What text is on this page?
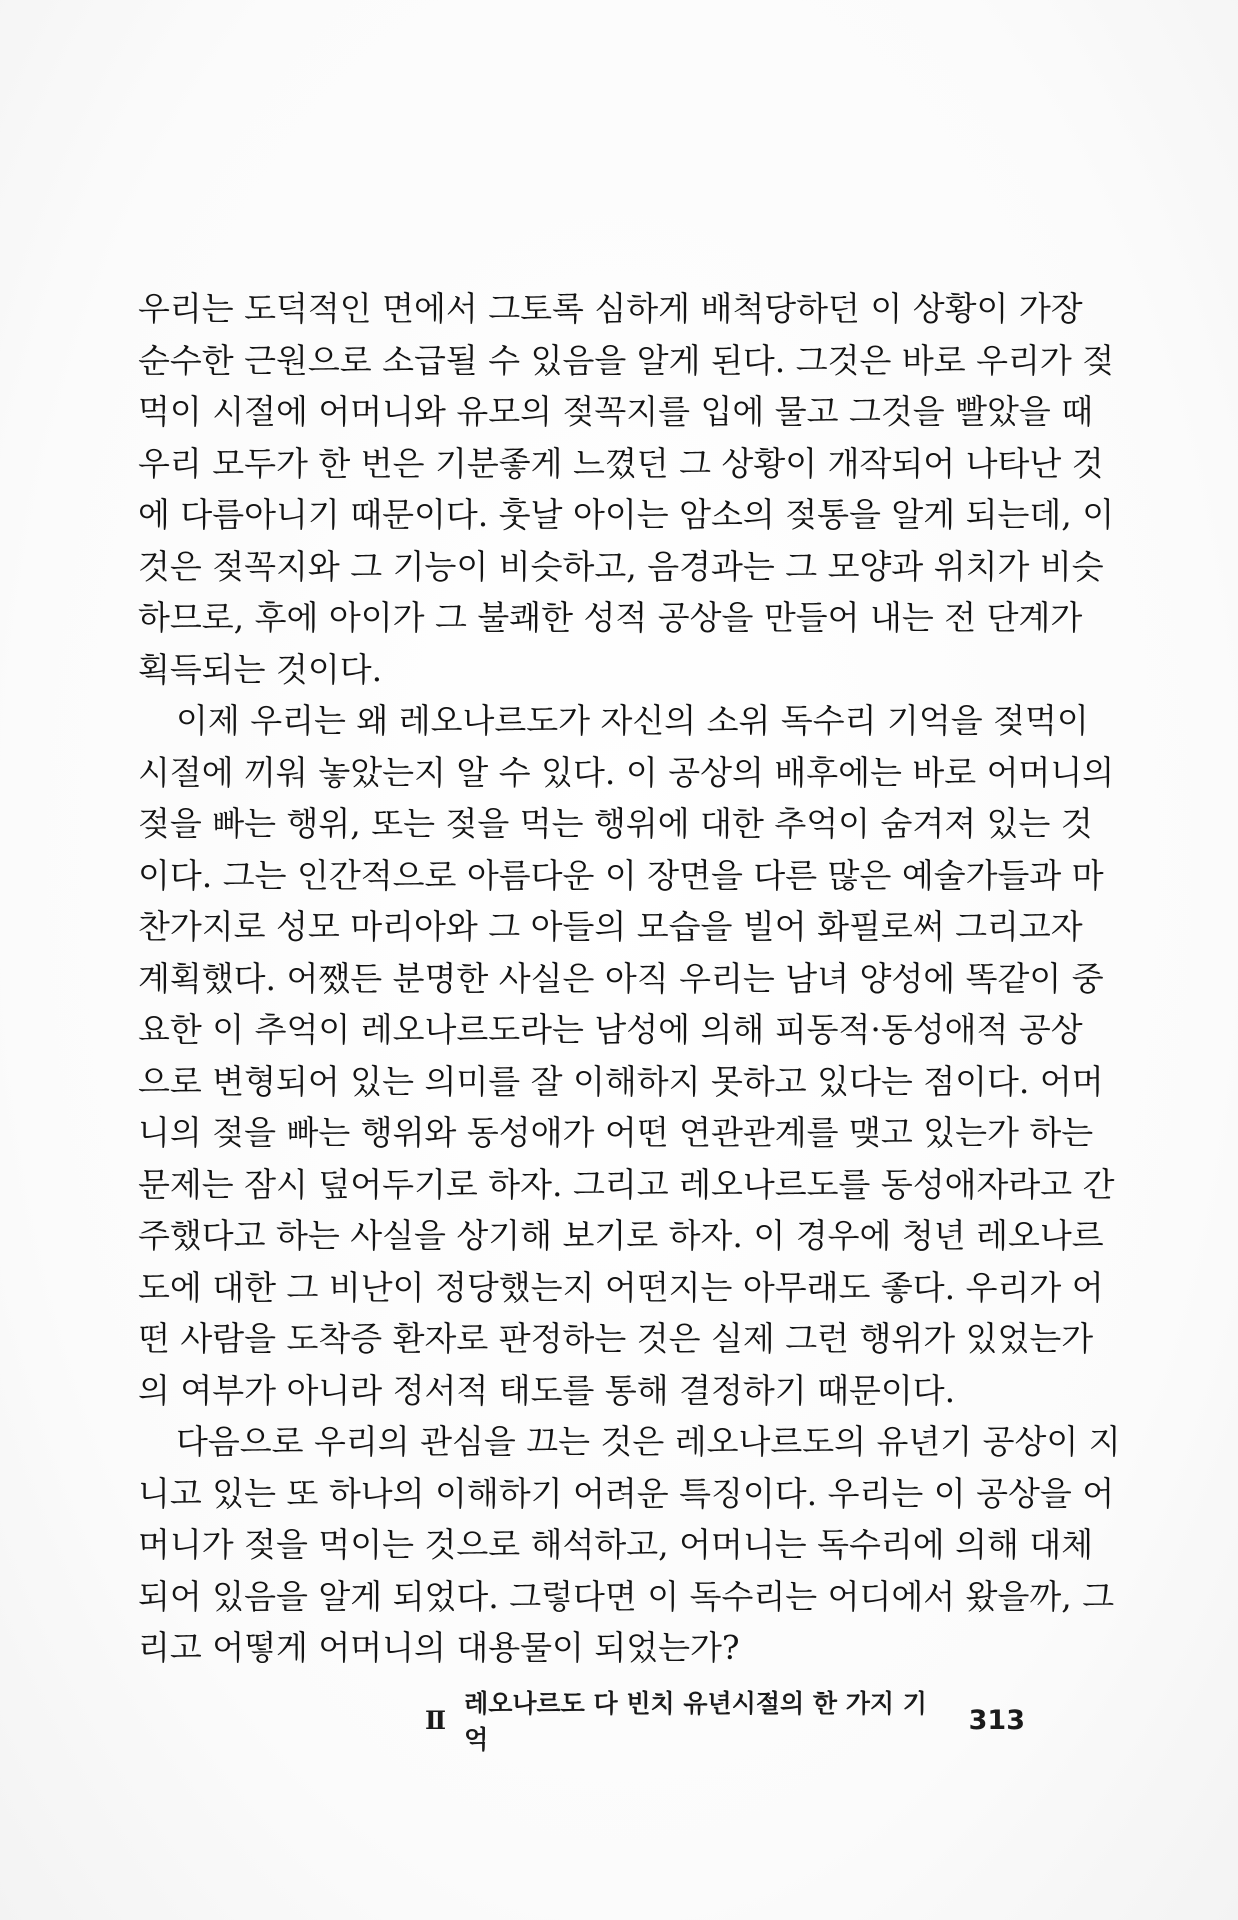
우리는 도덕적인 면에서 그토록 심하게 배척당하던 이 상황이 가장
순수한 근원으로 소급될 수 있음을 알게 된다. 그것은 바로 우리가 젖
먹이 시절에 어머니와 유모의 젖꼭지를 입에 물고 그것을 빨았을 때
우리 모두가 한 번은 기분좋게 느꼈던 그 상황이 개작되어 나타난 것
에 다름아니기 때문이다. 훗날 아이는 암소의 젖통을 알게 되는데, 이
것은 젖꼭지와 그 기능이 비슷하고, 음경과는 그 모양과 위치가 비슷
하므로, 후에 아이가 그 불쾌한 성적 공상을 만들어 내는 전 단계가
획득되는 것이다.

이제 우리는 왜 레오나르도가 자신의 소위 독수리 기억을 젖먹이
시절에 끼워 놓았는지 알 수 있다. 이 공상의 배후에는 바로 어머니의
젖을 빠는 행위, 또는 젖을 먹는 행위에 대한 추억이 숨겨져 있는 것
이다. 그는 인간적으로 아름다운 이 장면을 다른 많은 예술가들과 마
찬가지로 성모 마리아와 그 아들의 모습을 빌어 화필로써 그리고자
계획했다. 어쨌든 분명한 사실은 아직 우리는 남녀 양성에 똑같이 중
요한 이 추억이 레오나르도라는 남성에 의해 피동적·동성애적 공상
으로 변형되어 있는 의미를 잘 이해하지 못하고 있다는 점이다. 어머
니의 젖을 빠는 행위와 동성애가 어떤 연관관계를 맺고 있는가 하는
문제는 잠시 덮어두기로 하자. 그리고 레오나르도를 동성애자라고 간
주했다고 하는 사실을 상기해 보기로 하자. 이 경우에 청년 레오나르
도에 대한 그 비난이 정당했는지 어떤지는 아무래도 좋다. 우리가 어
떤 사람을 도착증 환자로 판정하는 것은 실제 그런 행위가 있었는가
의 여부가 아니라 정서적 태도를 통해 결정하기 때문이다.

다음으로 우리의 관심을 끄는 것은 레오나르도의 유년기 공상이 지
니고 있는 또 하나의 이해하기 어려운 특징이다. 우리는 이 공상을 어
머니가 젖을 먹이는 것으로 해석하고, 어머니는 독수리에 의해 대체
되어 있음을 알게 되었다. 그렇다면 이 독수리는 어디에서 왔을까, 그
리고 어떻게 어머니의 대용물이 되었는가?

Ⅱ
레오나르도 다 빈치 유년시절의 한 가지 기억
313
